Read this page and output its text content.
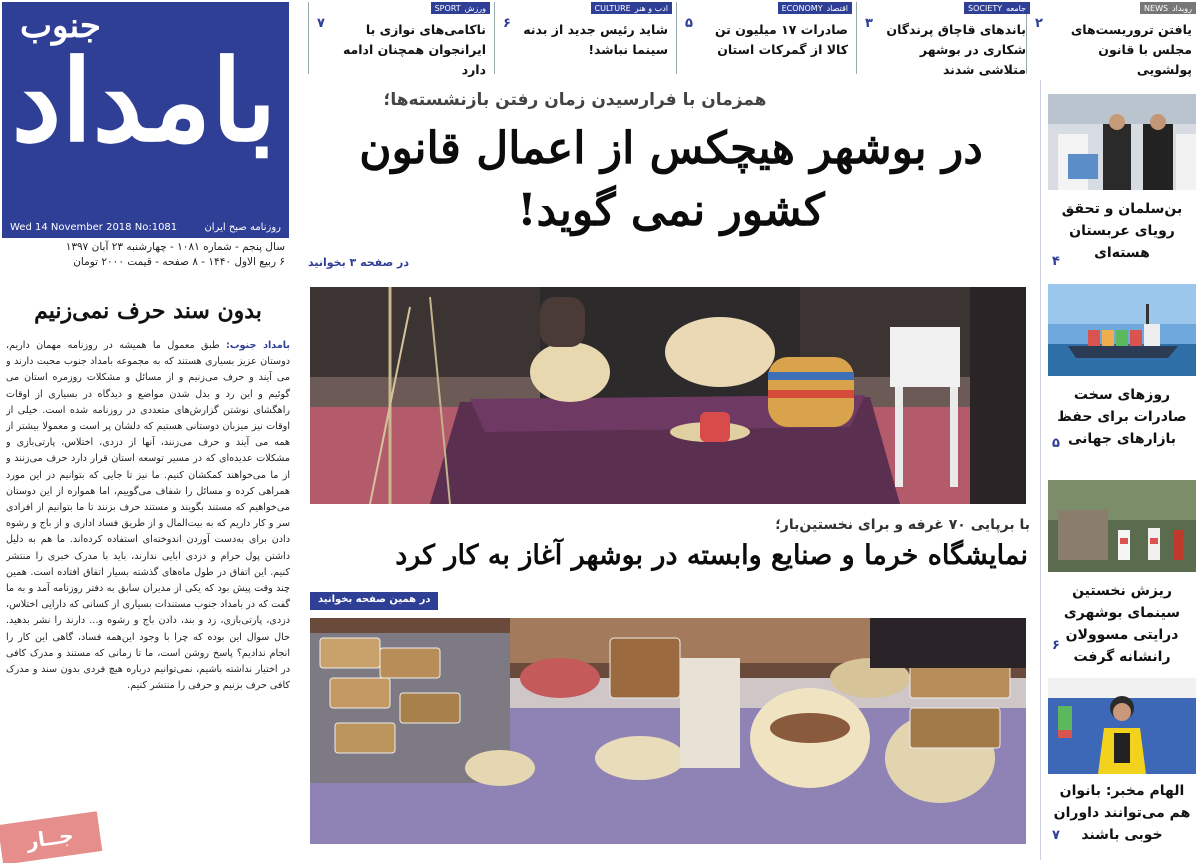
جنوب
بامداد
Wed 14 November 2018 No:1081	روزنامه صبح ایران
سال پنجم - شماره ۱۰۸۱ - چهارشنبه ۲۳ آبان ۱۳۹۷
۶ ربیع الاول ۱۴۴۰ - ۸ صفحه - قیمت ۲۰۰۰ تومان
روبداد
NEWS
یافتن تروریست‌های مجلس با قانون پولشویی
۲
جامعه
SOCIETY
باندهای قاچاق پرندگان شکاری در بوشهر متلاشی شدند
۳
اقتصاد
ECONOMY
صادرات ۱۷ میلیون تن کالا از گمرکات استان
۵
ادب و هنر
CULTURE
شاید رئیس جدید از بدنه سینما نباشد!
۶
ورزش
SPORT
ناکامی‌های نوازی با ایرانجوان همچنان ادامه دارد
۷
همزمان با فرارسیدن زمان رفتن بازنشسته‌ها؛
در بوشهر هیچکس از اعمال قانون
کشور نمی گوید!
در صفحه ۳ بخوانید
با برپایی ۷۰ غرفه و برای نخستین‌بار؛
نمایشگاه خرما و صنایع وابسته در بوشهر آغاز به کار کرد
در همین صفحه بخوانید
بدون سند حرف نمی‌زنیم
بامداد جنوب: طبق معمول ما همیشه در روزنامه مهمان داریم، دوستان عزیز بسیاری هستند که به مجموعه بامداد جنوب محبت دارند و می آیند و حرف می‌زنیم و از مسائل و مشکلات روزمره استان می گوئیم و این رد و بدل شدن مواضع و دیدگاه در بسیاری از اوقات راهگشای نوشتن گزارش‌های متعددی در روزنامه شده است. خیلی از اوقات نیز میزبان دوستانی هستیم که دلشان پر است و معمولا بیشتر از همه می آیند و حرف می‌زنند، آنها از دزدی، اختلاس، پارتی‌بازی و مشکلات عدیده‌ای که در مسیر توسعه استان قرار دارد حرف می‌زنند و از ما می‌خواهند کمکشان کنیم. ما نیز تا جایی که بتوانیم در این مورد همراهی کرده و مسائل را شفاف می‌گوییم، اما همواره از این دوستان می‌خواهیم که مستند بگویند و مستند حرف بزنند تا ما بتوانیم از افرادی سر و کار داریم که به بیت‌المال و از طریق فساد اداری و از باج و رشوه دادن برای به‌دست آوردن اندوخته‌ای استفاده کرده‌اند. ما هم به دلیل داشتن پول حرام و دزدی ابایی ندارند، باید با مدرک خبری را منتشر کنیم. این اتفاق در طول ماه‌های گذشته بسیار اتفاق افتاده است. همین چند وقت پیش بود که یکی از مدیران سابق به دفتر روزنامه آمد و به ما گفت که در بامداد جنوب مستندات بسیاری از کسانی که دارایی اختلاس، دزدی، پارتی‌بازی، زد و بند، دادن باج و رشوه و... دارند را نشر بدهید. حال سوال این بوده که چرا با وجود این‌همه فساد، گاهی این کار را انجام ندادیم؟ پاسخ روشن است، ما تا زمانی که مستند و مدرک کافی در اختیار نداشته باشیم، نمی‌توانیم درباره هیچ فردی بدون سند و مدرک کافی حرف بزنیم و حرفی را منتشر کنیم.
جــار
بن‌سلمان و تحقق رویای عربستان هسته‌ای
۴
روزهای سخت صادرات برای حفظ بازارهای جهانی
۵
ریزش نخستین سینمای بوشهری درایتی مسوولان رانشانه گرفت
۶
الهام مخبر: بانوان هم می‌توانند داوران خوبی باشند
۷
